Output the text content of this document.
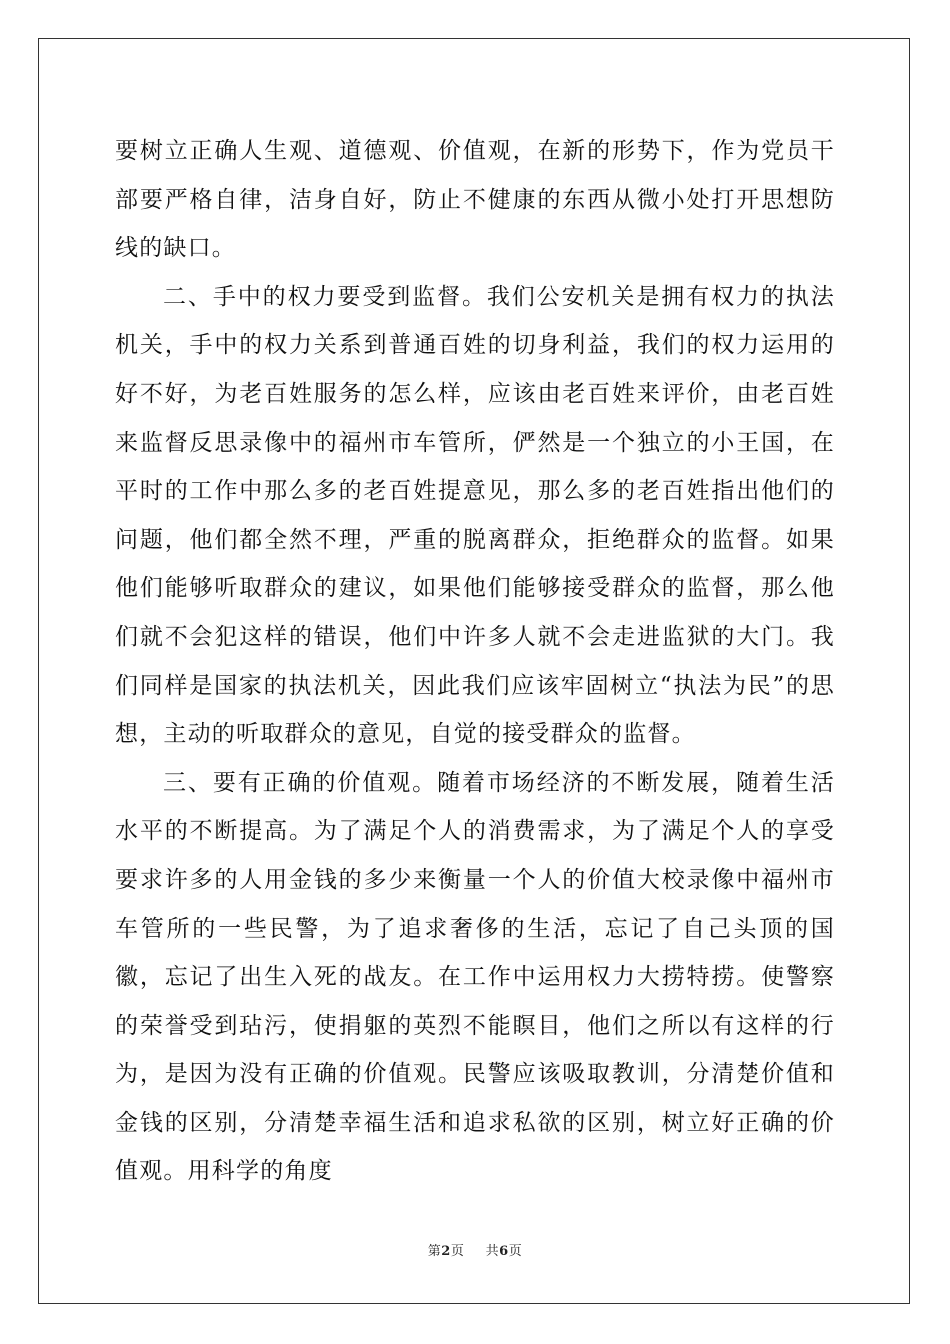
要树立正确人生观、道德观、价值观，在新的形势下，作为党员干部要严格自律，洁身自好，防止不健康的东西从微小处打开思想防线的缺口。

二、手中的权力要受到监督。我们公安机关是拥有权力的执法机关，手中的权力关系到普通百姓的切身利益，我们的权力运用的好不好，为老百姓服务的怎么样，应该由老百姓来评价，由老百姓来监督反思录像中的福州市车管所，俨然是一个独立的小王国，在平时的工作中那么多的老百姓提意见，那么多的老百姓指出他们的问题，他们都全然不理，严重的脱离群众，拒绝群众的监督。如果他们能够听取群众的建议，如果他们能够接受群众的监督，那么他们就不会犯这样的错误，他们中许多人就不会走进监狱的大门。我们同样是国家的执法机关，因此我们应该牢固树立“执法为民”的思想，主动的听取群众的意见，自觉的接受群众的监督。

三、要有正确的价值观。随着市场经济的不断发展，随着生活水平的不断提高。为了满足个人的消费需求，为了满足个人的享受要求许多的人用金钱的多少来衡量一个人的价值大校录像中福州市车管所的一些民警，为了追求奢侈的生活，忘记了自己头顶的国徽，忘记了出生入死的战友。在工作中运用权力大捞特捞。使警察的荣誉受到玷污，使捐躯的英烈不能瞑目，他们之所以有这样的行为，是因为没有正确的价值观。民警应该吸取教训，分清楚价值和金钱的区别，分清楚幸福生活和追求私欲的区别，树立好正确的价值观。用科学的角度

第2页 共6页
